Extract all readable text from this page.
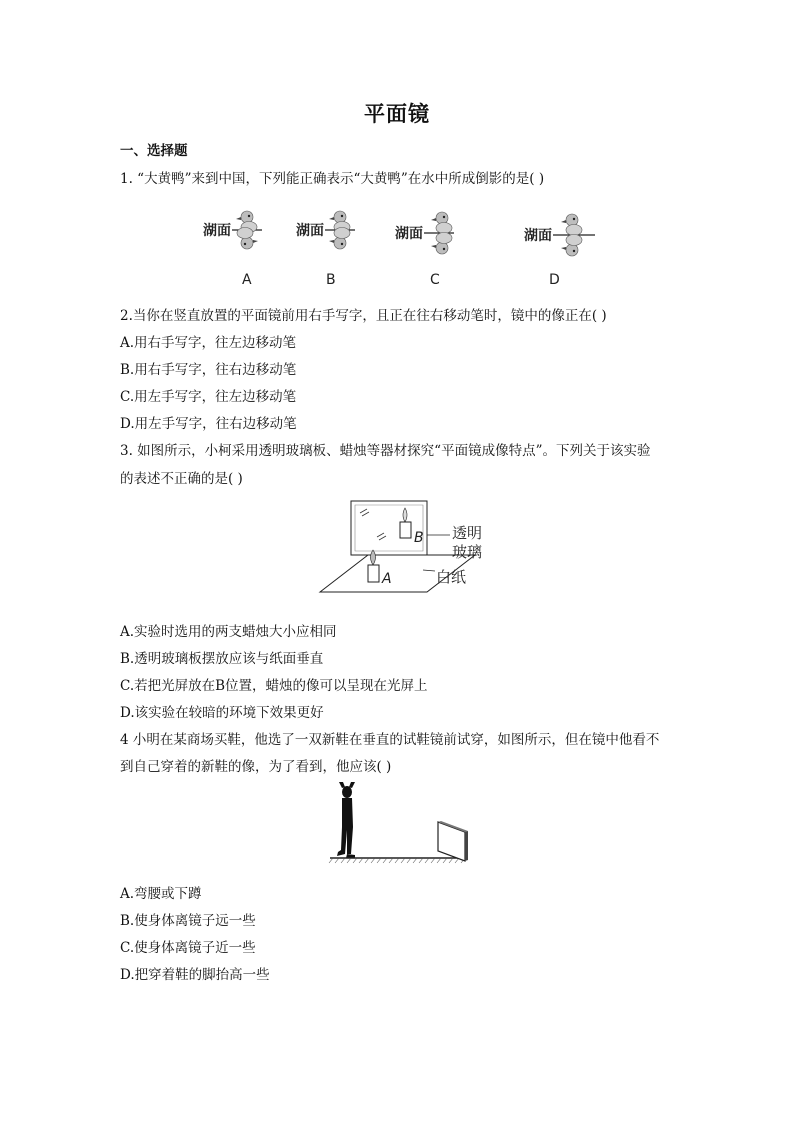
平面镜
一、选择题
1. “大黄鸭”来到中国，下列能正确表示“大黄鸭”在水中所成倒影的是( )
湖面
A
湖面
B
湖面
C
湖面
D
2.当你在竖直放置的平面镜前用右手写字，且正在往右移动笔时，镜中的像正在( )
A.用右手写字，往左边移动笔
B.用右手写字，往右边移动笔
C.用左手写字，往左边移动笔
D.用左手写字，往右边移动笔
3. 如图所示，小柯采用透明玻璃板、蜡烛等器材探究“平面镜成像特点”。下列关于该实验
的表述不正确的是( )
B
A
透明
玻璃
白纸
A.实验时选用的两支蜡烛大小应相同
B.透明玻璃板摆放应该与纸面垂直
C.若把光屏放在B位置，蜡烛的像可以呈现在光屏上
D.该实验在较暗的环境下效果更好
4 小明在某商场买鞋，他选了一双新鞋在垂直的试鞋镜前试穿，如图所示，但在镜中他看不
到自己穿着的新鞋的像，为了看到，他应该( )
A.弯腰或下蹲
B.使身体离镜子远一些
C.使身体离镜子近一些
D.把穿着鞋的脚抬高一些
